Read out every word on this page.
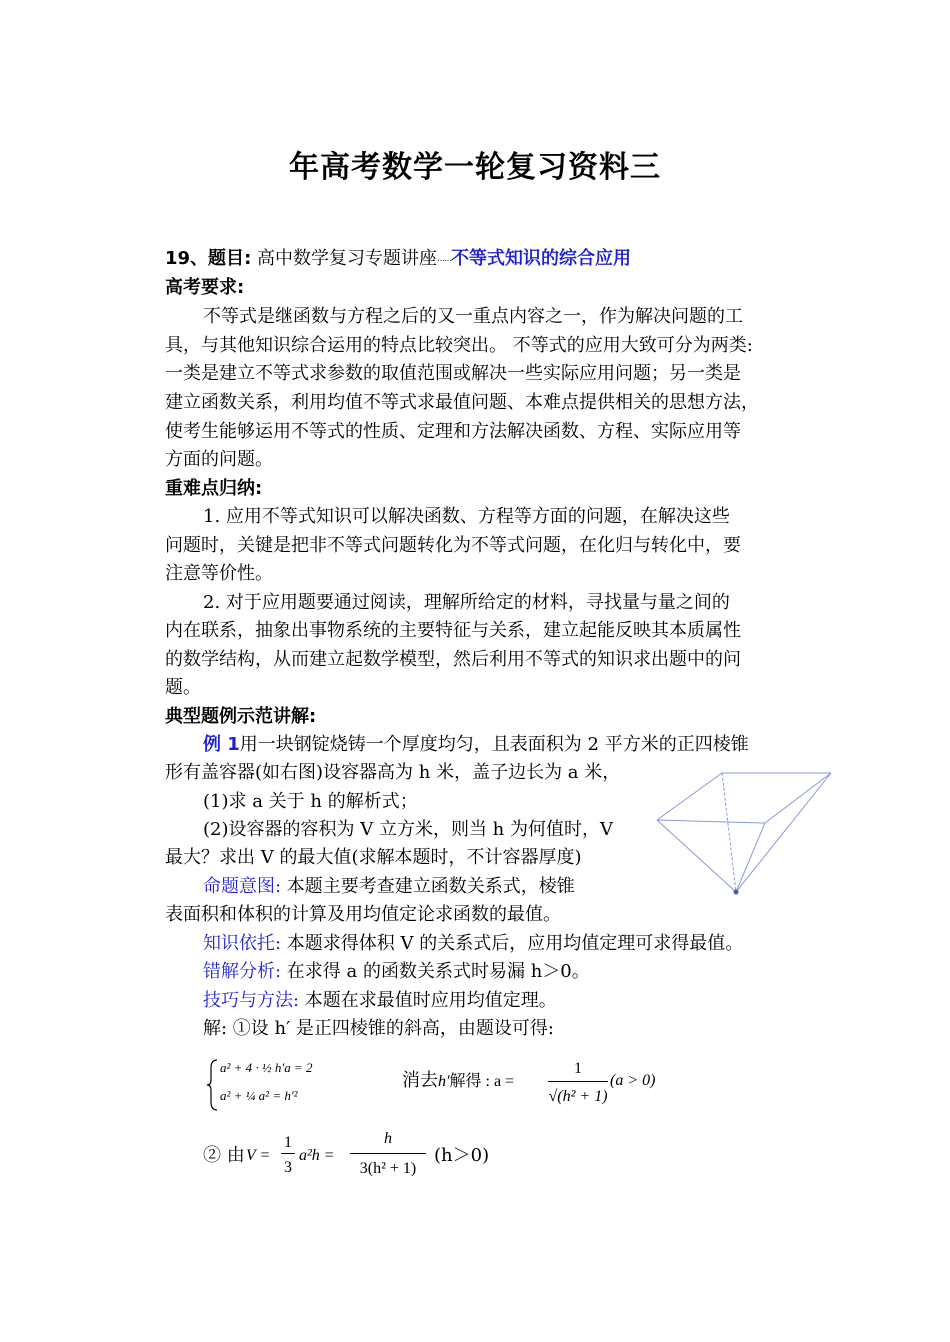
年高考数学一轮复习资料三
19、题目: 高中数学复习专题讲座……不等式知识的综合应用
高考要求:
不等式是继函数与方程之后的又一重点内容之一，作为解决问题的工
具，与其他知识综合运用的特点比较突出。 不等式的应用大致可分为两类:
一类是建立不等式求参数的取值范围或解决一些实际应用问题；另一类是
建立函数关系，利用均值不等式求最值问题、本难点提供相关的思想方法，
使考生能够运用不等式的性质、定理和方法解决函数、方程、实际应用等
方面的问题。
重难点归纳:
1. 应用不等式知识可以解决函数、方程等方面的问题，在解决这些
问题时，关键是把非不等式问题转化为不等式问题，在化归与转化中，要
注意等价性。
2. 对于应用题要通过阅读，理解所给定的材料，寻找量与量之间的
内在联系，抽象出事物系统的主要特征与关系，建立起能反映其本质属性
的数学结构，从而建立起数学模型，然后利用不等式的知识求出题中的问
题。
典型题例示范讲解:
例 1用一块钢锭烧铸一个厚度均匀，且表面积为 2 平方米的正四棱锥
形有盖容器(如右图)设容器高为 h 米，盖子边长为 a 米，
(1)求 a 关于 h 的解析式；
(2)设容器的容积为 V 立方米，则当 h 为何值时，V
最大？求出 V 的最大值(求解本题时，不计容器厚度)
命题意图: 本题主要考查建立函数关系式，棱锥
表面积和体积的计算及用均值定论求函数的最值。
知识依托: 本题求得体积 V 的关系式后，应用均值定理可求得最值。
错解分析: 在求得 a 的函数关系式时易漏 h＞0。
技巧与方法: 本题在求最值时应用均值定理。
解: ①设 h′ 是正四棱锥的斜高，由题设可得:
a² + 4 · ½ h′a = 2
a² + ¼ a² = h′²
消去h′解得 : a =
1
√(h² + 1)
(a > 0)
② 由 V =
1
3
a²h =
h
3(h² + 1)
(h＞0)
